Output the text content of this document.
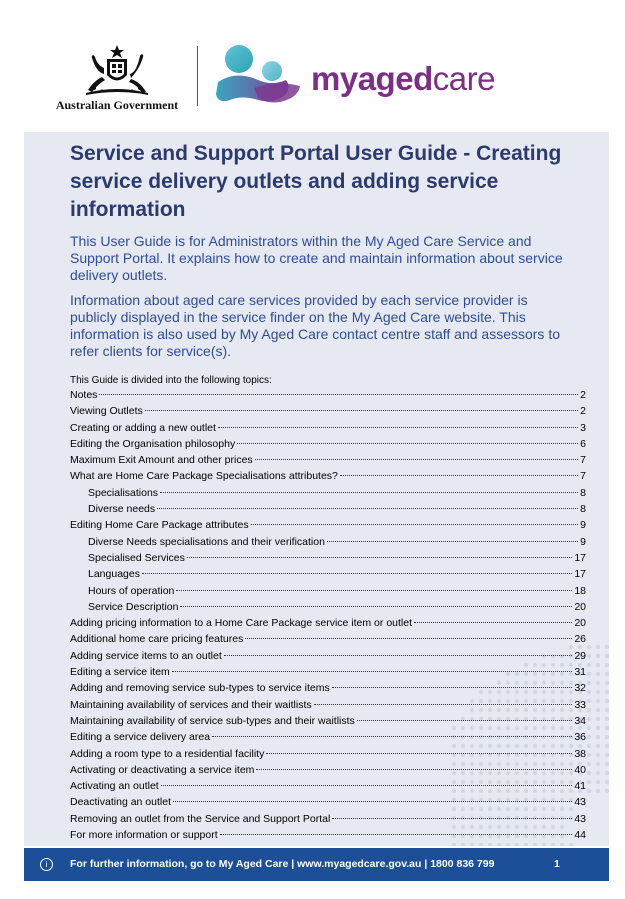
Australian Government
myagedcare
Service and Support Portal User Guide - Creating service delivery outlets and adding service information

This User Guide is for Administrators within the My Aged Care Service and Support Portal. It explains how to create and maintain information about service delivery outlets.

Information about aged care services provided by each service provider is publicly displayed in the service finder on the My Aged Care website. This information is also used by My Aged Care contact centre staff and assessors to refer clients for service(s).

This Guide is divided into the following topics:
Notes	2
Viewing Outlets	2
Creating or adding a new outlet	3
Editing the Organisation philosophy	6
Maximum Exit Amount and other prices	7
What are Home Care Package Specialisations attributes?	7
Specialisations	8
Diverse needs	8
Editing Home Care Package attributes	9
Diverse Needs specialisations and their verification	9
Specialised Services	17
Languages	17
Hours of operation	18
Service Description	20
Adding pricing information to a Home Care Package service item or outlet	20
Additional home care pricing features	26
Adding service items to an outlet	29
Editing a service item	31
Adding and removing service sub-types to service items	32
Maintaining availability of services and their waitlists	33
Maintaining availability of service sub-types and their waitlists	34
Editing a service delivery area	36
Adding a room type to a residential facility	38
Activating or deactivating a service item	40
Activating an outlet	41
Deactivating an outlet	43
Removing an outlet from the Service and Support Portal	43
For more information or support	44
i	For further information, go to My Aged Care | www.myagedcare.gov.au | 1800 836 799	1
